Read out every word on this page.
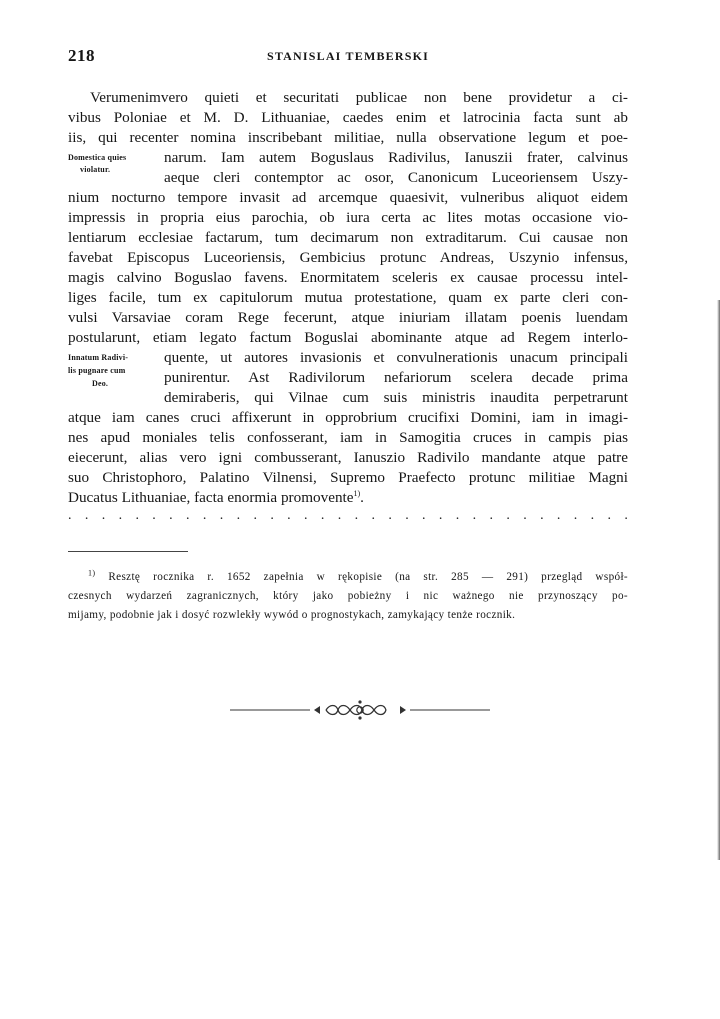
218	STANISLAI TEMBERSKI
Verumenimvero quieti et securitati publicae non bene providetur a ci-
vibus Poloniae et M. D. Lithuaniae, caedes enim et latrocinia facta sunt ab
iis, qui recenter nomina inscribebant militiae, nulla observatione legum et poe-
narum. Iam autem Boguslaus Radivilus, Ianuszii frater, calvinus
aeque cleri contemptor ac osor, Canonicum Luceoriensem Uszy-
nium nocturno tempore invasit ad arcemque quaesivit, vulneribus aliquot eidem
impressis in propria eius parochia, ob iura certa ac lites motas occasione vio-
lentiarum ecclesiae factarum, tum decimarum non extraditarum. Cui causae non
favebat Episcopus Luceoriensis, Gembicius protunc Andreas, Uszynio infensus,
magis calvino Boguslao favens. Enormitatem sceleris ex causae processu intel-
liges facile, tum ex capitulorum mutua protestatione, quam ex parte cleri con-
vulsi Varsaviae coram Rege fecerunt, atque iniuriam illatam poenis luendam
postularunt, etiam legato factum Boguslai abominante atque ad Regem interlo-
quente, ut autores invasionis et convulnerationis unacum principali
punirentur. Ast Radivilorum nefariorum scelera decade prima
demiraberis, qui Vilnae cum suis ministris inaudita perpetrarunt
atque iam canes cruci affixerunt in opprobrium crucifixi Domini, iam in imagi-
nes apud moniales telis confosserant, iam in Samogitia cruces in campis pias
eiecerunt, alias vero igni combusserant, Ianuszio Radivilo mandante atque patre
suo Christophoro, Palatino Vilnensi, Supremo Praefecto protunc militiae Magni
Ducatus Lithuaniae, facta enormia promovente$^{1)}$.
Domestica quies
violatur.
Innatum Radivi-
lis pugnare cum
Deo.
. . . . . . . . . . . . . . . . . . . . . . . . . . . . . . . . . .
$^{1)}$ Resztę rocznika r. 1652 zapełnia w rękopisie (na str. 285 — 291) przegląd współ-
czesnych wydarzeń zagranicznych, który jako pobieżny i nic ważnego nie przynoszący po-
mijamy, podobnie jak i dosyć rozwlekły wywód o prognostykach, zamykający tenże rocznik.
